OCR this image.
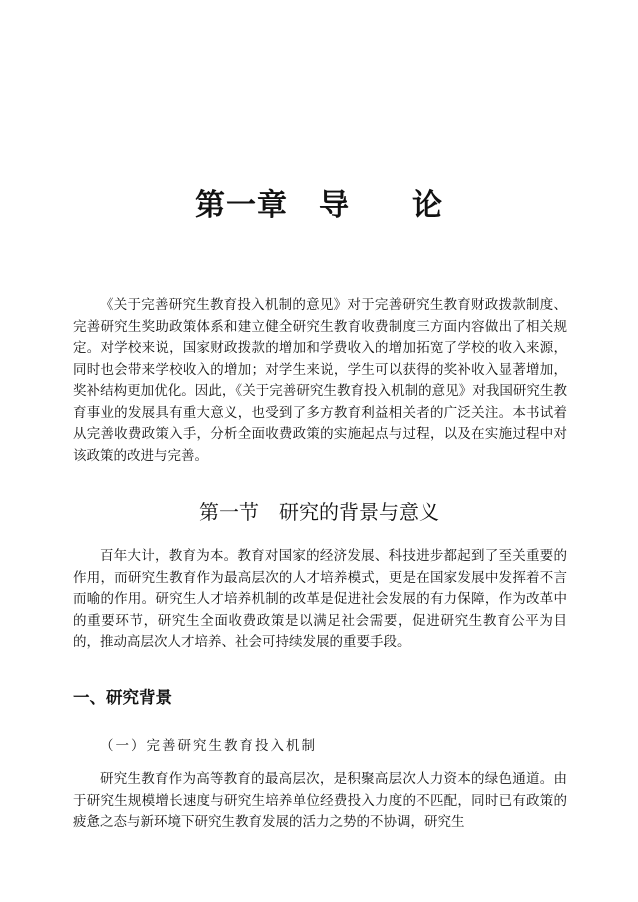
第一章　导　　论

《关于完善研究生教育投入机制的意见》对于完善研究生教育财政拨款制度、完善研究生奖助政策体系和建立健全研究生教育收费制度三方面内容做出了相关规定。对学校来说，国家财政拨款的增加和学费收入的增加拓宽了学校的收入来源，同时也会带来学校收入的增加；对学生来说，学生可以获得的奖补收入显著增加，奖补结构更加优化。因此，《关于完善研究生教育投入机制的意见》对我国研究生教育事业的发展具有重大意义，也受到了多方教育利益相关者的广泛关注。本书试着从完善收费政策入手，分析全面收费政策的实施起点与过程，以及在实施过程中对该政策的改进与完善。

第一节　研究的背景与意义

百年大计，教育为本。教育对国家的经济发展、科技进步都起到了至关重要的作用，而研究生教育作为最高层次的人才培养模式，更是在国家发展中发挥着不言而喻的作用。研究生人才培养机制的改革是促进社会发展的有力保障，作为改革中的重要环节，研究生全面收费政策是以满足社会需要，促进研究生教育公平为目的，推动高层次人才培养、社会可持续发展的重要手段。

一、研究背景
（一）完善研究生教育投入机制

研究生教育作为高等教育的最高层次，是积聚高层次人力资本的绿色通道。由于研究生规模增长速度与研究生培养单位经费投入力度的不匹配，同时已有政策的疲惫之态与新环境下研究生教育发展的活力之势的不协调，研究生
